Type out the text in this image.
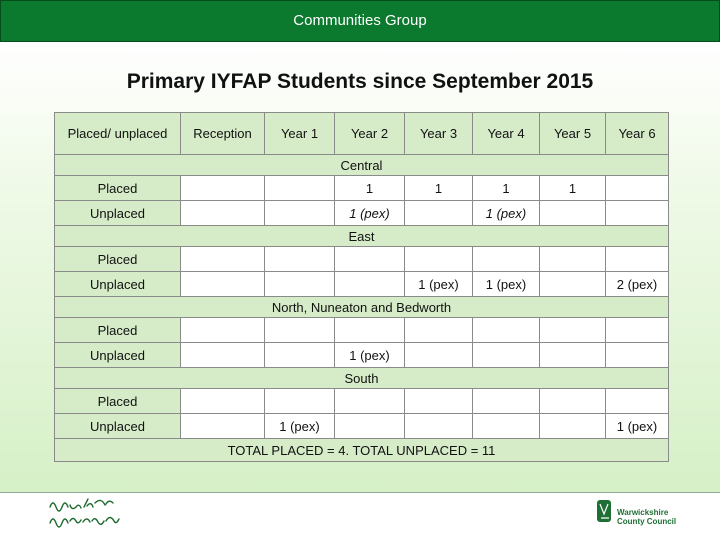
Communities Group
Primary IYFAP Students since September 2015
Placed/ unplaced	Reception	Year 1	Year 2	Year 3	Year 4	Year 5	Year 6
Central							
Placed			1	1	1	1	
Unplaced			1 (pex)		1 (pex)		
East							
Placed							
Unplaced				1 (pex)	1 (pex)		2 (pex)
North, Nuneaton and Bedworth							
Placed							
Unplaced			1 (pex)				
South							
Placed							
Unplaced		1 (pex)					1 (pex)
TOTAL PLACED = 4. TOTAL UNPLACED = 11							
Warwickshire
County Council
